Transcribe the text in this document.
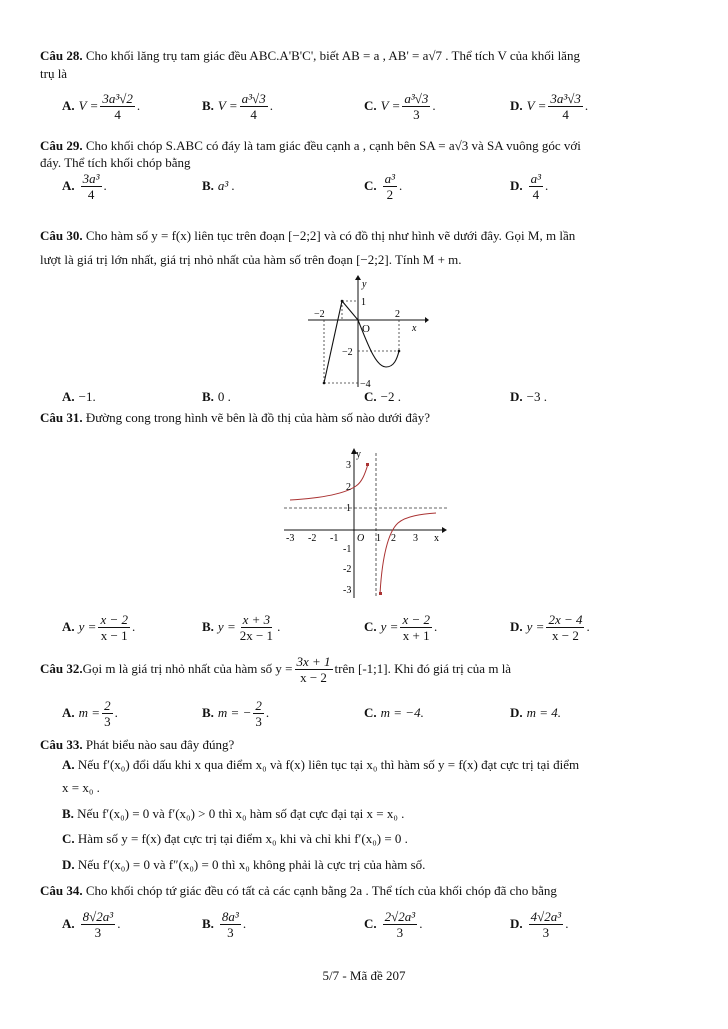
Câu 28. Cho khối lăng trụ tam giác đều ABC.A'B'C', biết AB = a , AB' = a√7 . Thể tích V của khối lăng
trụ là
A. $V = \frac{\text{3a³√2}}{4}$ .	B. $V = \frac{\text{a³√3}}{4}$ .	C. $V = \frac{\text{a³√3}}{3}$ .	D. $V = \frac{\text{3a³√3}}{4}$ .
Câu 29. Cho khối chóp S.ABC có đáy là tam giác đều cạnh a , cạnh bên SA = a√3 và SA vuông góc với
đáy. Thể tích khối chóp bằng
A. $\frac{\text{3a³}}{4}$ .	B. a³ .	C. $\frac{\text{a³}}{2}$ .	D. $\frac{\text{a³}}{4}$ .
Câu 30. Cho hàm số y = f(x) liên tục trên đoạn [−2;2] và có đồ thị như hình vẽ dưới đây. Gọi M, m lần
lượt là giá trị lớn nhất, giá trị nhỏ nhất của hàm số trên đoạn [−2;2]. Tính M + m.
y
x
O
−2
1
2
−2
−4
A. −1.	B. 0 .	C. −2 .	D. −3 .
Câu 31. Đường cong trong hình vẽ bên là đồ thị của hàm số nào dưới đây?
y
x
O
-3 -2 -1	1 2 3
3
2
1
-1
-2
-3
A. $y = \frac{x - 2}{x - 1}$ .	B. $y = \frac{x + 3}{2x - 1}$ .	C. $y = \frac{x - 2}{x + 1}$ .	D. $y = \frac{2x - 4}{x - 2}$ .
Câu 32. Gọi m là giá trị nhỏ nhất của hàm số $y = \frac{3x + 1}{x - 2}$ trên [-1;1]. Khi đó giá trị của m là
A. $m = \frac{2}{3}$ .	B. m = − $\frac{2}{3}$ .	C. m = −4.	D. m = 4.
Câu 33. Phát biểu nào sau đây đúng?
A. Nếu f′(x₀) đổi dấu khi x qua điểm x₀ và f(x) liên tục tại x₀ thì hàm số y = f(x) đạt cực trị tại điểm
x = x₀ .
B. Nếu f′(x₀) = 0 và f′(x₀) > 0 thì x₀ hàm số đạt cực đại tại x = x₀ .
C. Hàm số y = f(x) đạt cực trị tại điểm x₀ khi và chỉ khi f′(x₀) = 0 .
D. Nếu f′(x₀) = 0 và f″(x₀) = 0 thì x₀ không phải là cực trị của hàm số.
Câu 34. Cho khối chóp tứ giác đều có tất cả các cạnh bằng 2a . Thể tích của khối chóp đã cho bằng
A. $\frac{\text{8√2a³}}{3}$ .	B. $\frac{\text{8a³}}{3}$ .	C. $\frac{\text{2√2a³}}{3}$ .	D. $\frac{\text{4√2a³}}{3}$ .
5/7 - Mã đề 207
